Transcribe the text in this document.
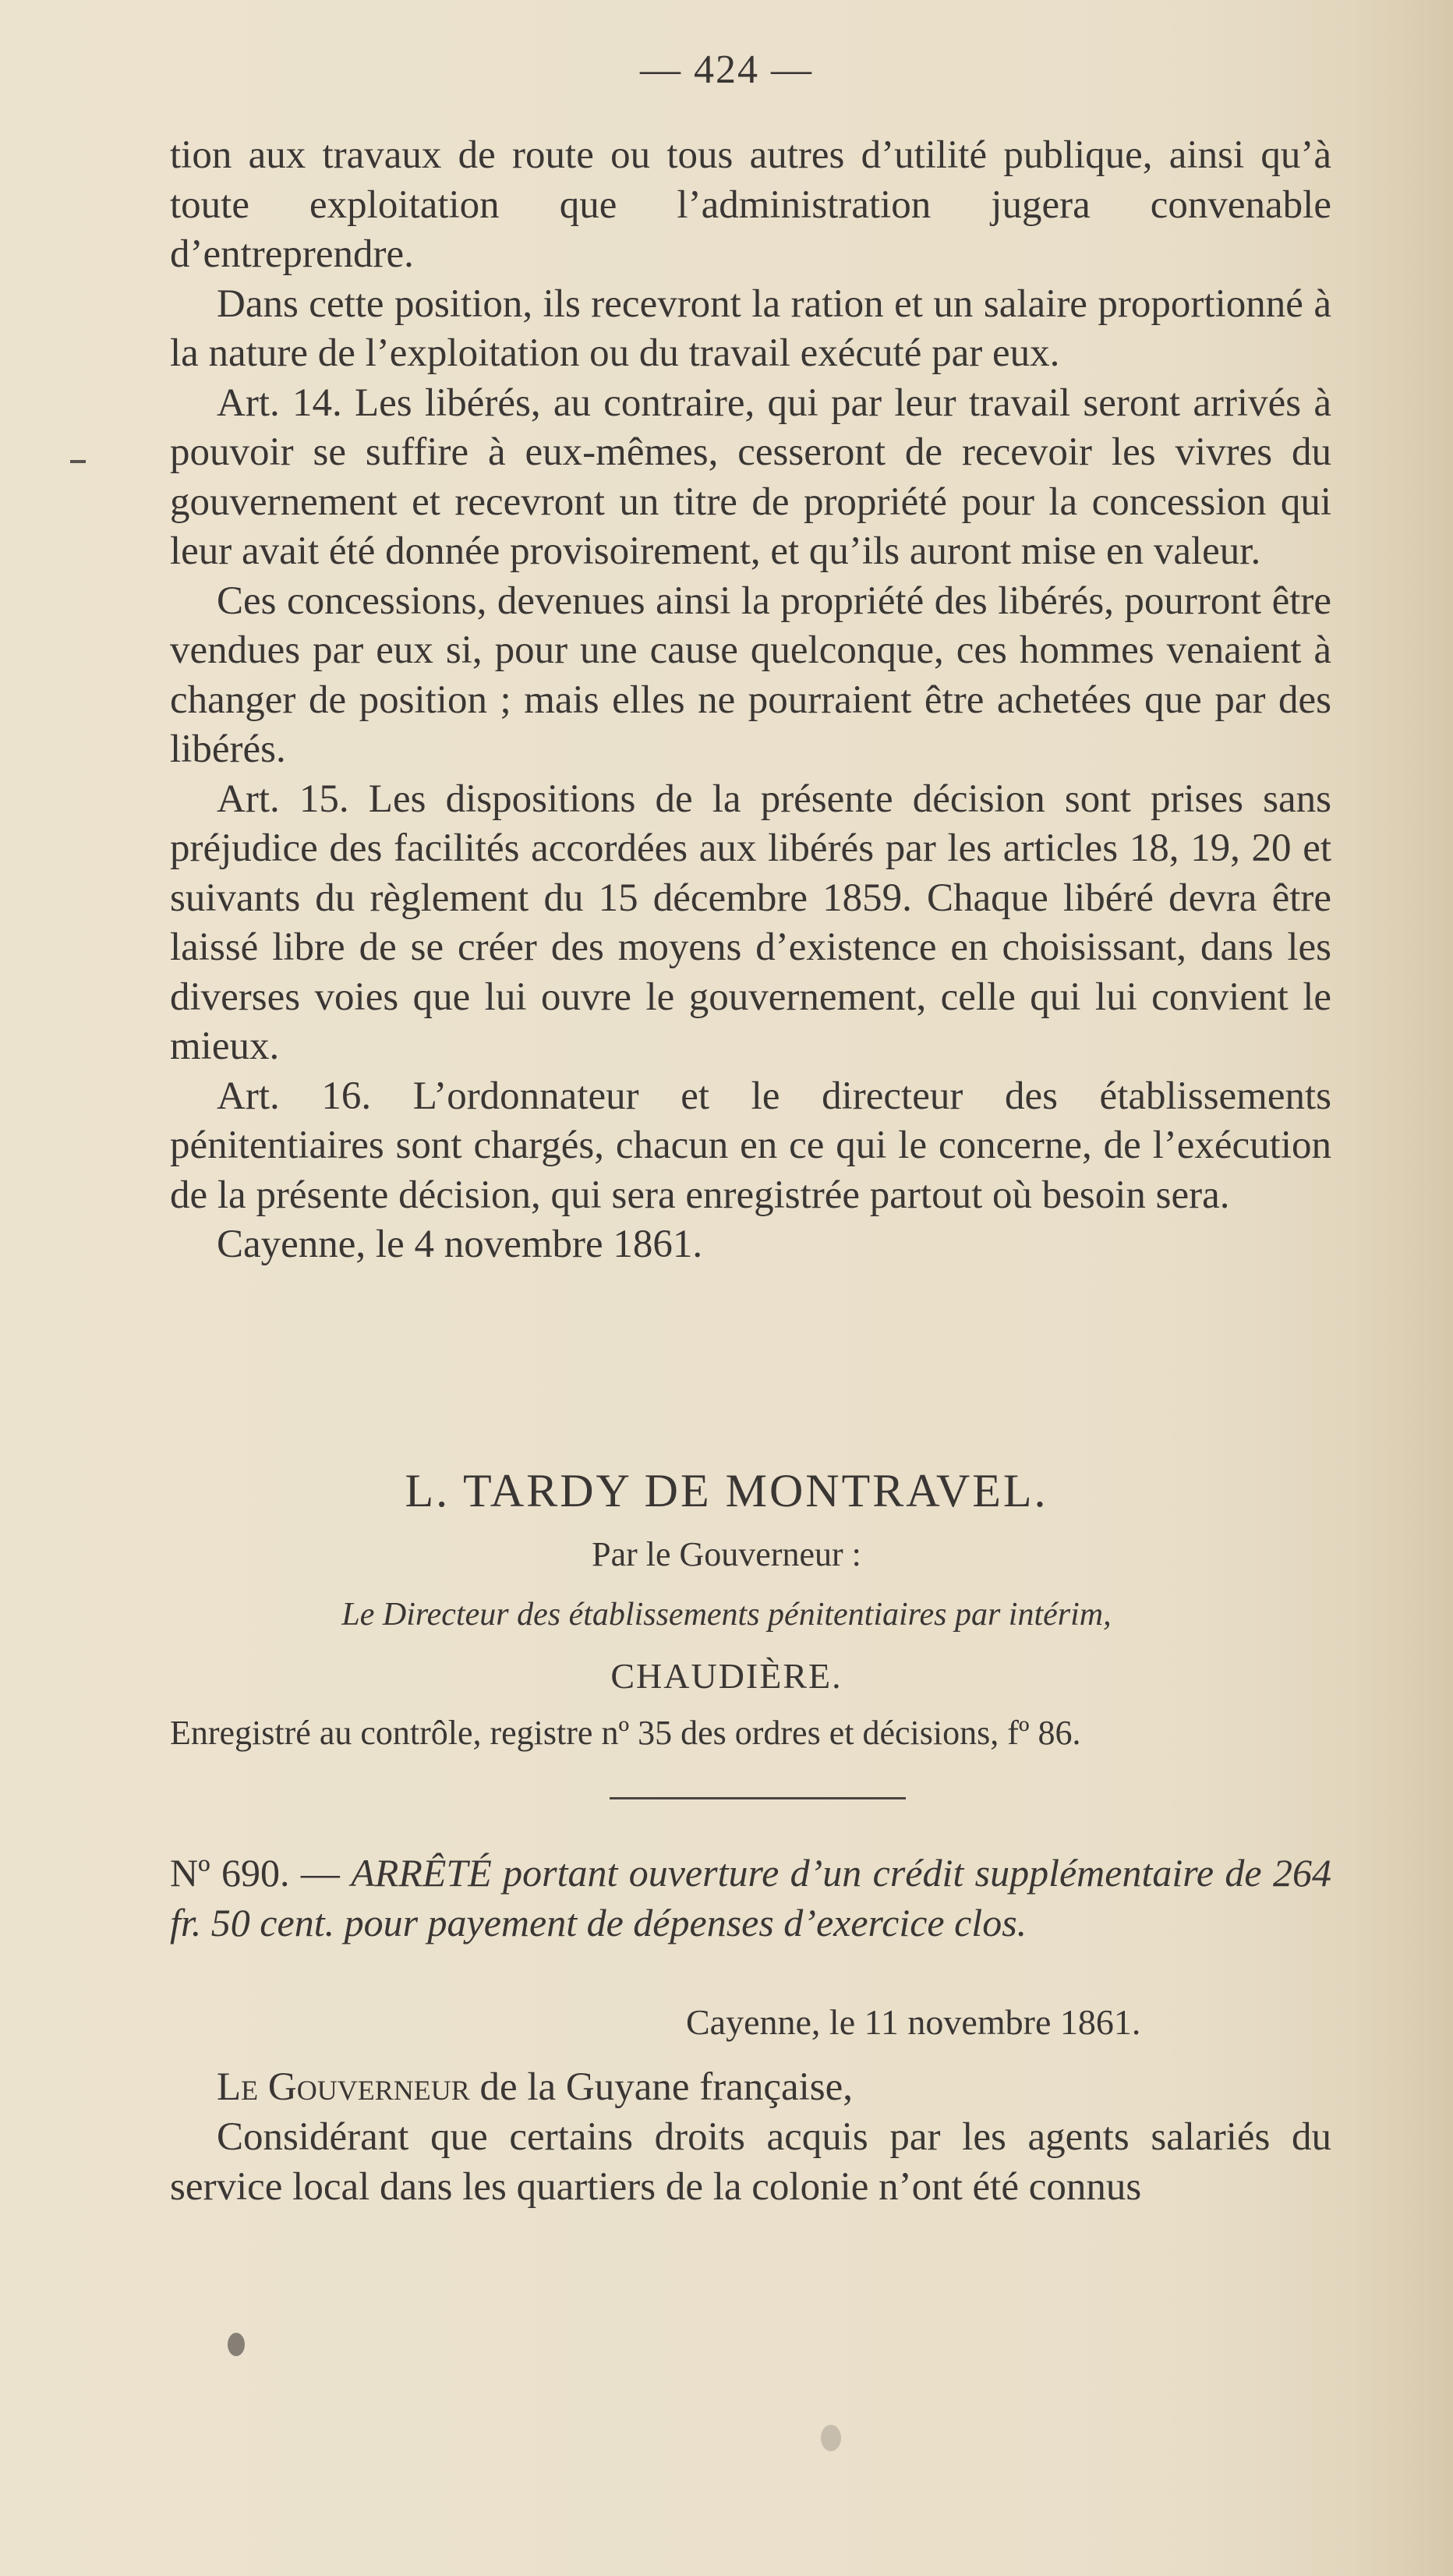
— 424 —

tion aux travaux de route ou tous autres d’utilité publique, ainsi qu’à toute exploitation que l’administration jugera convenable d’entreprendre.

Dans cette position, ils recevront la ration et un salaire proportionné à la nature de l’exploitation ou du travail exécuté par eux.

Art. 14. Les libérés, au contraire, qui par leur travail seront arrivés à pouvoir se suffire à eux-mêmes, cesseront de recevoir les vivres du gouvernement et recevront un titre de propriété pour la concession qui leur avait été donnée provisoirement, et qu’ils auront mise en valeur.

Ces concessions, devenues ainsi la propriété des libérés, pourront être vendues par eux si, pour une cause quelconque, ces hommes venaient à changer de position ; mais elles ne pourraient être achetées que par des libérés.

Art. 15. Les dispositions de la présente décision sont prises sans préjudice des facilités accordées aux libérés par les articles 18, 19, 20 et suivants du règlement du 15 décembre 1859. Chaque libéré devra être laissé libre de se créer des moyens d’existence en choisissant, dans les diverses voies que lui ouvre le gouvernement, celle qui lui convient le mieux.

Art. 16. L’ordonnateur et le directeur des établissements pénitentiaires sont chargés, chacun en ce qui le concerne, de l’exécution de la présente décision, qui sera enregistrée partout où besoin sera.

Cayenne, le 4 novembre 1861.

L. TARDY DE MONTRAVEL.
Par le Gouverneur :
Le Directeur des établissements pénitentiaires par intérim,
CHAUDIÈRE.
Enregistré au contrôle, registre nº 35 des ordres et décisions, fº 86.
Nº 690. — ARRÊTÉ portant ouverture d’un crédit supplémentaire de 264 fr. 50 cent. pour payement de dépenses d’exercice clos.
Cayenne, le 11 novembre 1861.

Le Gouverneur de la Guyane française,

Considérant que certains droits acquis par les agents salariés du service local dans les quartiers de la colonie n’ont été connus
